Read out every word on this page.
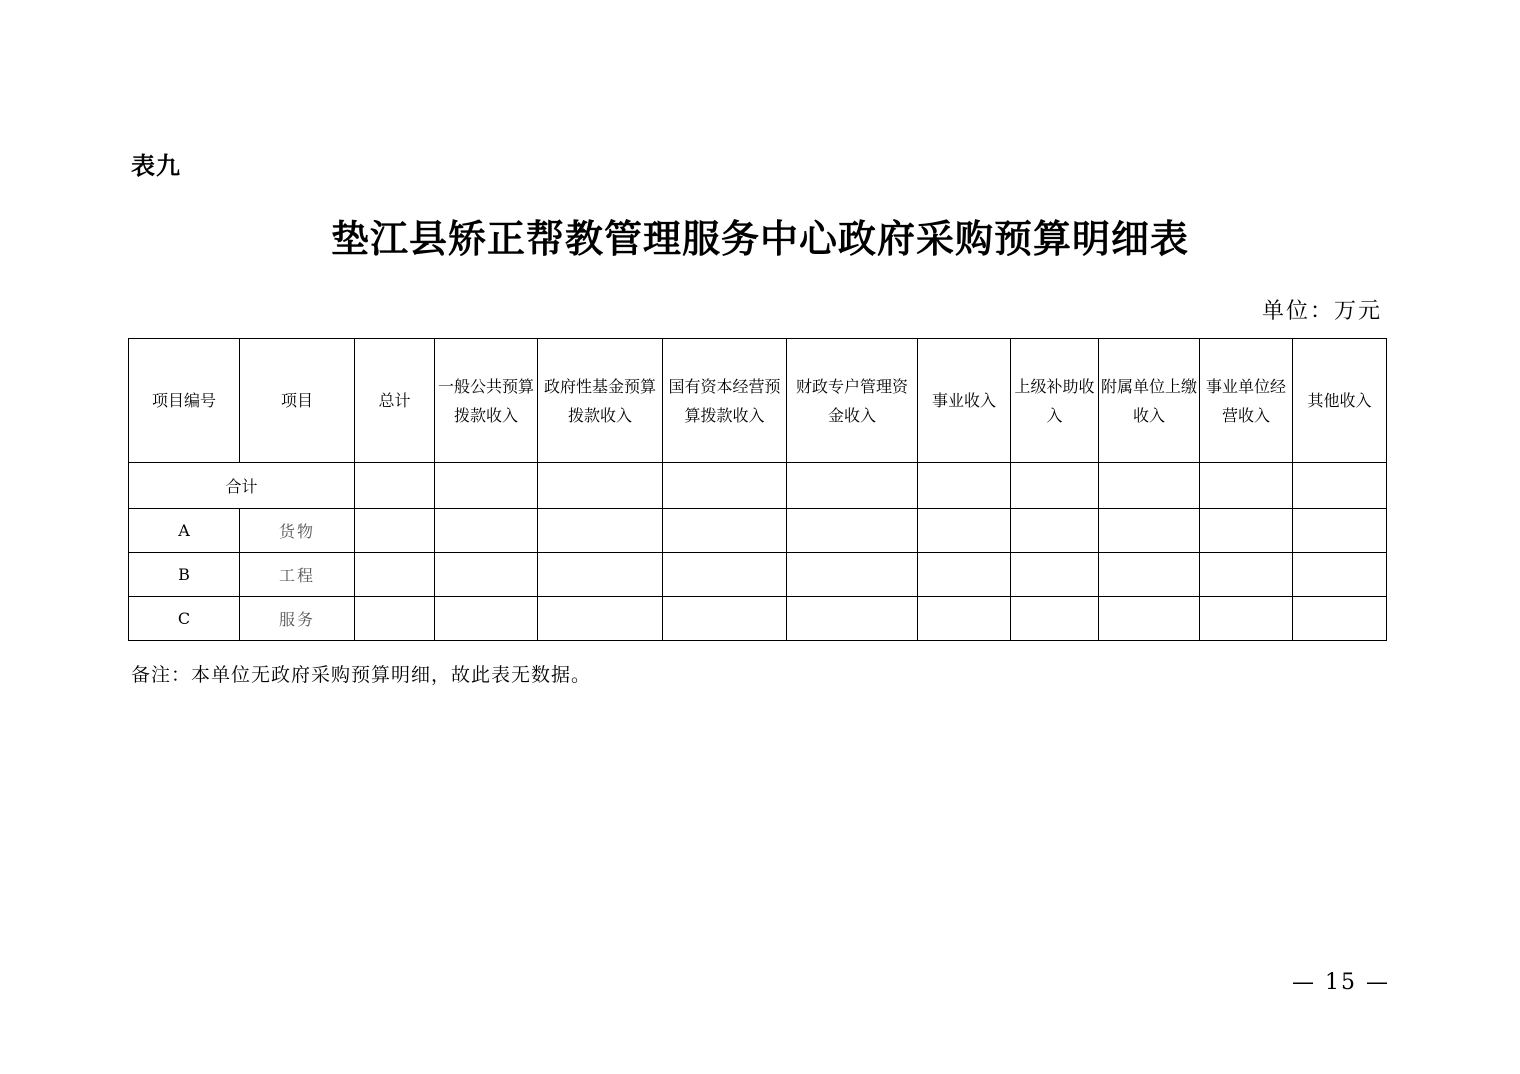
表九
垫江县矫正帮教管理服务中心政府采购预算明细表
单位：万元
项目编号	项目	总计	一般公共预算拨款收入	政府性基金预算拨款收入	国有资本经营预算拨款收入	财政专户管理资金收入	事业收入	上级补助收入	附属单位上缴收入	事业单位经营收入	其他收入
合计											
A	货物										
B	工程										
C	服务										
备注：本单位无政府采购预算明细，故此表无数据。
— 15 —
